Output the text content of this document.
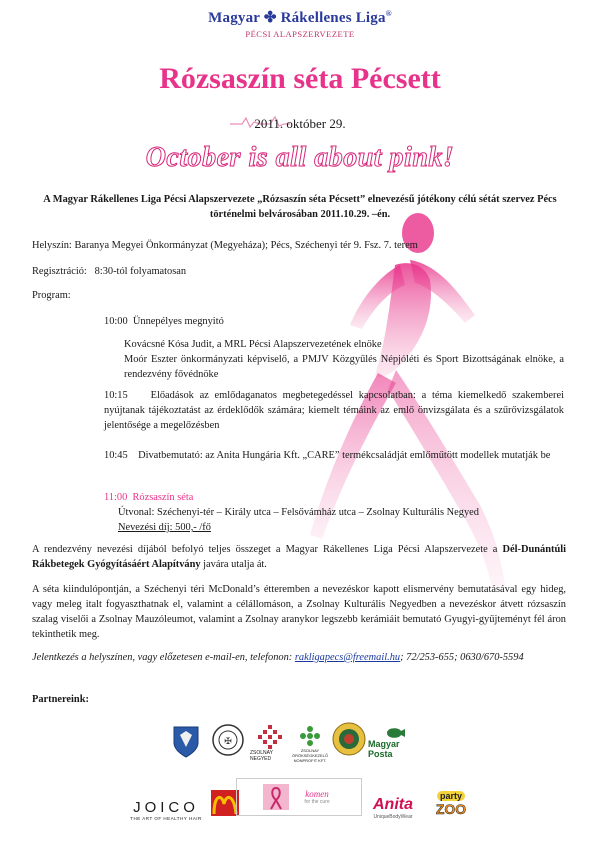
Magyar ✤ Rákellenes Liga®
PÉCSI ALAPSZERVEZETE
Rózsaszín séta Pécsett
2011. október 29.
October is all about pink!
A Magyar Rákellenes Liga Pécsi Alapszervezete „Rózsaszín séta Pécsett” elnevezésű jótékony célú sétát szervez Pécs történelmi belvárosában 2011.10.29. –én.
Helyszín: Baranya Megyei Önkormányzat (Megyeháza); Pécs, Széchenyi tér 9. Fsz. 7. terem
Regisztráció: 8:30-tól folyamatosan
Program:
10:00 Ünnepélyes megnyitó
Kovácsné Kósa Judit, a MRL Pécsi Alapszervezetének elnöke
Moór Eszter önkormányzati képviselő, a PMJV Közgyűlés Népjóléti és Sport Bizottságának elnöke, a rendezvény fővédnöke
10:15 Előadások az emlődaganatos megbetegedéssel kapcsolatban: a téma kiemelkedő szakemberei nyújtanak tájékoztatást az érdeklődők számára; kiemelt témáink az emlő önvizsgálata és a szűrővizsgálatok jelentősége a megelőzésben
10:45 Divatbemutató: az Anita Hungária Kft. „CARE” termékcsaládját emlőműtött modellek mutatják be
11:00 Rózsaszín séta
Útvonal: Széchenyi-tér – Király utca – Felsővámház utca – Zsolnay Kulturális Negyed
Nevezési díj: 500,- /fő
A rendezvény nevezési díjából befolyó teljes összeget a Magyar Rákellenes Liga Pécsi Alapszervezete a Dél-Dunántúli Rákbetegek Gyógyításáért Alapítvány javára utalja át.
A séta kiindulópontján, a Széchenyi téri McDonald’s étteremben a nevezéskor kapott elismervény bemutatásával egy hideg, vagy meleg italt fogyaszthatnak el, valamint a célállomáson, a Zsolnay Kulturális Negyedben a nevezéskor átvett rózsaszín szalag viselői a Zsolnay Mauzóleumot, valamint a Zsolnay aranykor legszebb kerámiáit bemutató Gyugyi-gyűjteményt fél áron tekinthetik meg.
Jelentkezés a helyszínen, vagy előzetesen e-mail-en, telefonon: rakligapecs@freemail.hu; 72/253-655; 0630/670-5594
Partnereink:
✠
ZSOLNAY NEGYED
ZSOLNAY ÖRÖKSÉGKEZELŐ NONPROFIT KFT.
Magyar Posta
JOICO
THE ART OF HEALTHY HAIR
komen
for the cure	Anita
UniqueBodyWear
party
ZOO
